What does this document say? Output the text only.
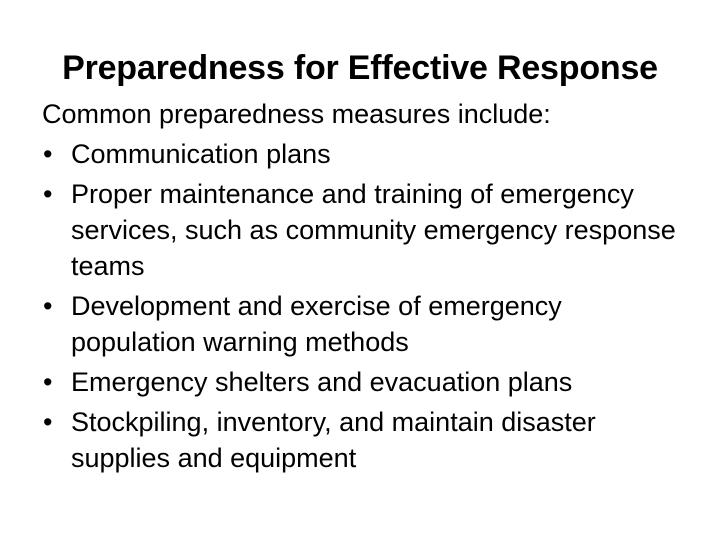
Preparedness for Effective Response

Common preparedness measures include:

• Communication plans
• Proper maintenance and training of emergency services, such as community emergency response teams
• Development and exercise of emergency population warning methods
• Emergency shelters and evacuation plans
• Stockpiling, inventory, and maintain disaster supplies and equipment
